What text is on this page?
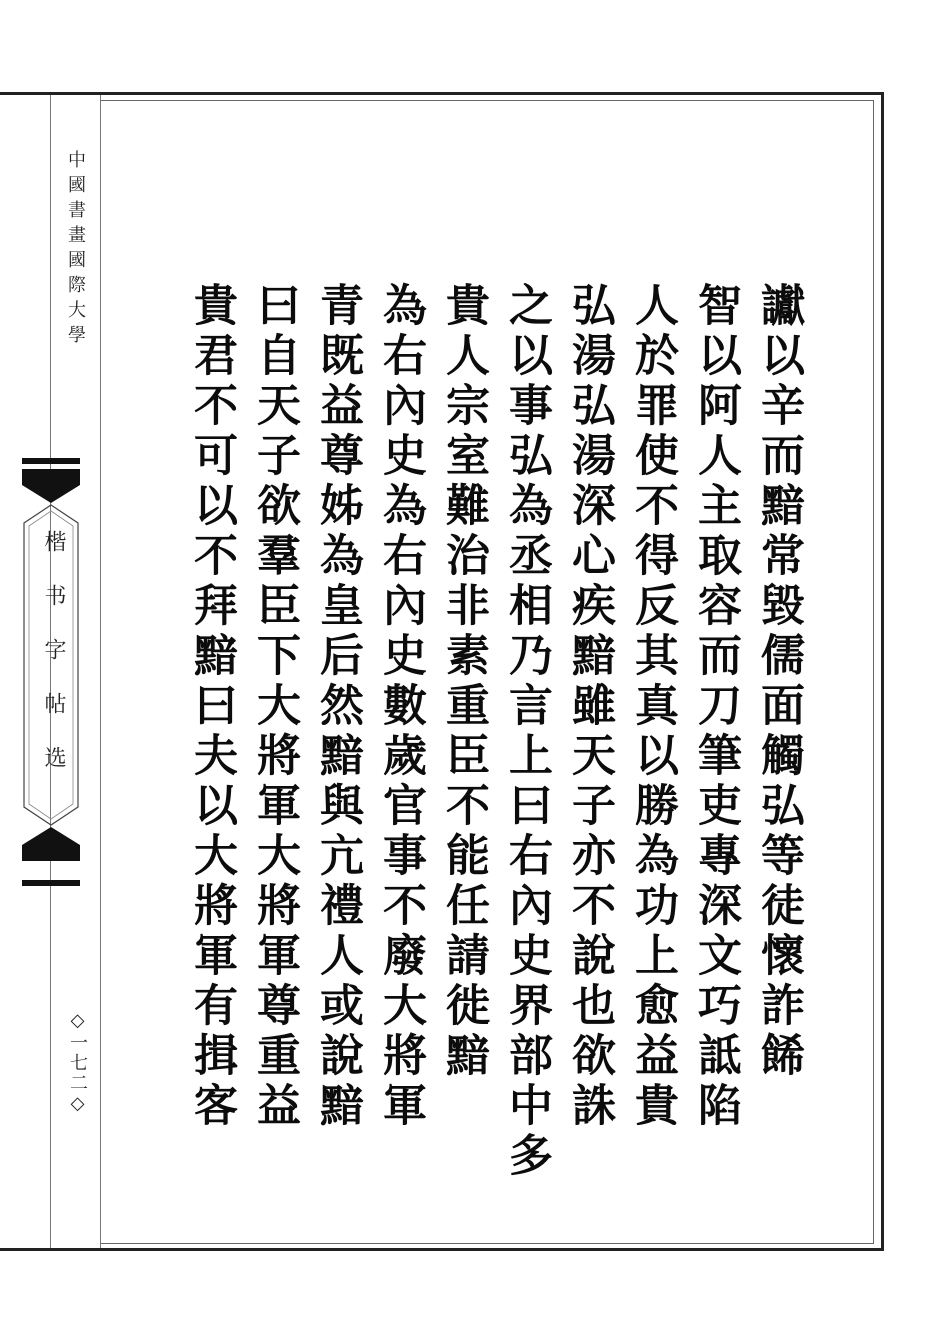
中國書畫國際大學
楷书字帖选
◇一七二◇	讞以辛而黯常毀儒面觸弘等徒懷詐餙
智以阿人主取容而刀筆吏專深文巧詆陷
人於罪使不得反其真以勝為功上愈益貴
弘湯弘湯深心疾黯雖天子亦不說也欲誅
之以事弘為丞相乃言上曰右內史界部中多
貴人宗室難治非素重臣不能任請徙黯
為右內史為右內史數歲官事不廢大將軍
青既益尊姊為皇后然黯與亢禮人或說黯
曰自天子欲羣臣下大將軍大將軍尊重益
貴君不可以不拜黯曰夫以大將軍有揖客
